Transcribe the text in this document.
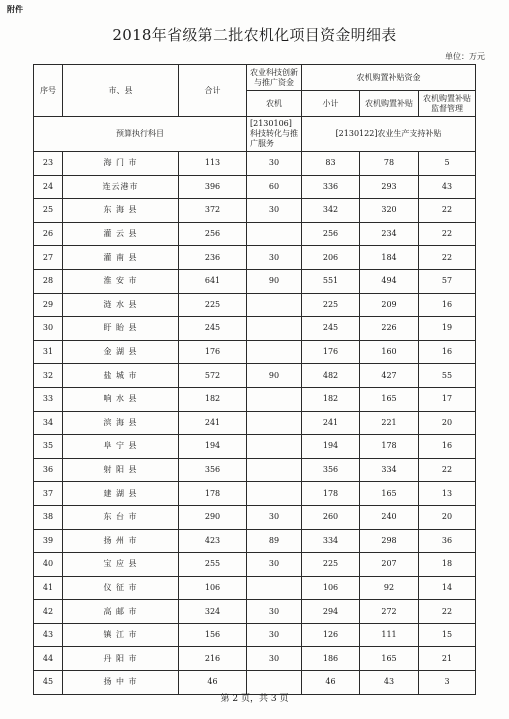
附件
2018年省级第二批农机化项目资金明细表
单位：万元
序号	市、县	合计	农业科技创新与推广资金	农机购置补贴资金		
			农机	小计	农机购置补贴	农机购置补贴监督管理
预算执行科目			[2130106]科技转化与推广服务	[2130122]农业生产支持补贴		
23	海 门 市	113	30	83	78	5
24	连云港市	396	60	336	293	43
25	东 海 县	372	30	342	320	22
26	灌 云 县	256		256	234	22
27	灌 南 县	236	30	206	184	22
28	淮 安 市	641	90	551	494	57
29	涟 水 县	225		225	209	16
30	盱 眙 县	245		245	226	19
31	金 湖 县	176		176	160	16
32	盐 城 市	572	90	482	427	55
33	响 水 县	182		182	165	17
34	滨 海 县	241		241	221	20
35	阜 宁 县	194		194	178	16
36	射 阳 县	356		356	334	22
37	建 湖 县	178		178	165	13
38	东 台 市	290	30	260	240	20
39	扬 州 市	423	89	334	298	36
40	宝 应 县	255	30	225	207	18
41	仪 征 市	106		106	92	14
42	高 邮 市	324	30	294	272	22
43	镇 江 市	156	30	126	111	15
44	丹 阳 市	216	30	186	165	21
45	扬 中 市	46		46	43	3
第 2 页，共 3 页
